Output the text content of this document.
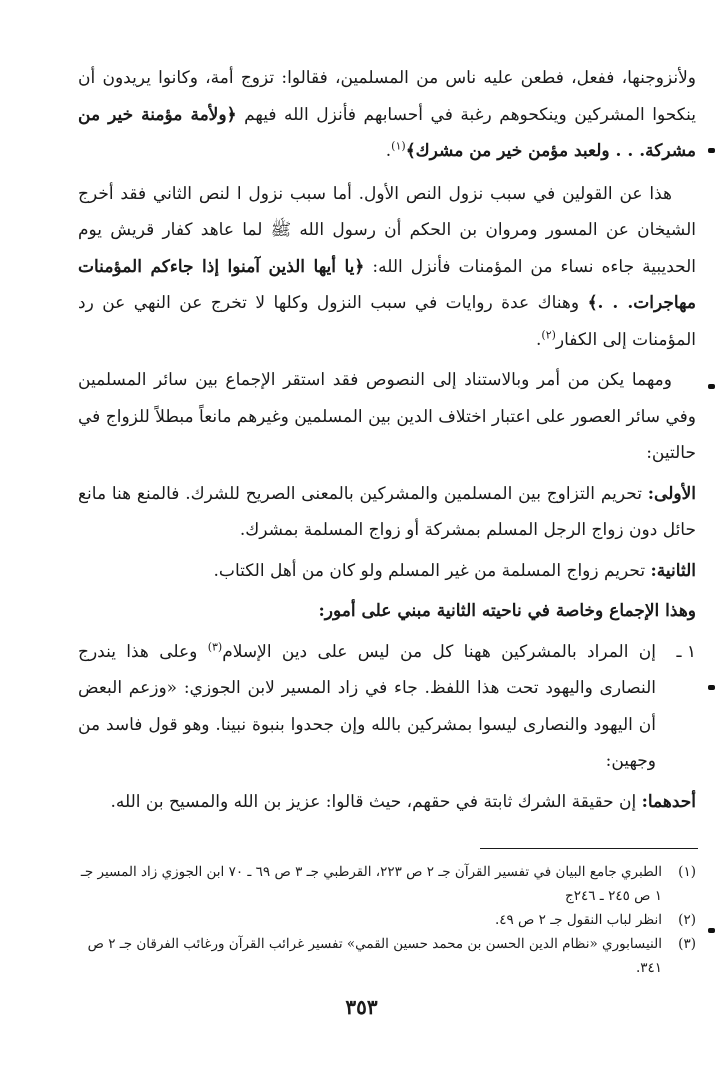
ولأنزوجنها، ففعل، فطعن عليه ناس من المسلمين، فقالوا: تزوج أمة، وكانوا يريدون أن ينكحوا المشركين وينكحوهم رغبة في أحسابهم فأنزل الله فيهم ﴿ولأمة مؤمنة خير من مشركة. . . ولعبد مؤمن خير من مشرك﴾$^{(١)}$.

هذا عن القولين في سبب نزول النص الأول. أما سبب نزول ا لنص الثاني فقد أخرج الشيخان عن المسور ومروان بن الحكم أن رسول الله ﷺ لما عاهد كفار قريش يوم الحديبية جاءه نساء من المؤمنات فأنزل الله: ﴿يا أيها الذين آمنوا إذا جاءكم المؤمنات مهاجرات. . .﴾ وهناك عدة روايات في سبب النزول وكلها لا تخرج عن النهي عن رد المؤمنات إلى الكفار$^{(٢)}$.

ومهما يكن من أمر وبالاستناد إلى النصوص فقد استقر الإجماع بين سائر المسلمين وفي سائر العصور على اعتبار اختلاف الدين بين المسلمين وغيرهم مانعاً مبطلاً للزواج في حالتين:

الأولى: تحريم التزاوج بين المسلمين والمشركين بالمعنى الصريح للشرك. فالمنع هنا مانع حائل دون زواج الرجل المسلم بمشركة أو زواج المسلمة بمشرك.

الثانية: تحريم زواج المسلمة من غير المسلم ولو كان من أهل الكتاب.

وهذا الإجماع وخاصة في ناحيته الثانية مبني على أمور:

١ ـ
إن المراد بالمشركين ههنا كل من ليس على دين الإسلام$^{(٣)}$ وعلى هذا يندرج النصارى واليهود تحت هذا اللفظ. جاء في زاد المسير لابن الجوزي: «وزعم البعض أن اليهود والنصارى ليسوا بمشركين بالله وإن جحدوا بنبوة نبينا. وهو قول فاسد من وجهين:

أحدهما: إن حقيقة الشرك ثابتة في حقهم، حيث قالوا: عزيز بن الله والمسيح بن الله.

(١)
الطبري جامع البيان في تفسير القرآن جـ ٢ ص ٢٢٣، القرطبي جـ ٣ ص ٦٩ ـ ٧٠ ابن الجوزي زاد المسير جـ ١ ص ٢٤٥ ـ ٢٤٦ج
(٢)
انظر لباب النقول جـ ٢ ص ٤٩.
(٣)
النيسابوري «نظام الدين الحسن بن محمد حسين القمي» تفسير غرائب القرآن ورغائب الفرقان جـ ٢ ص ٣٤١.
٣٥٣
